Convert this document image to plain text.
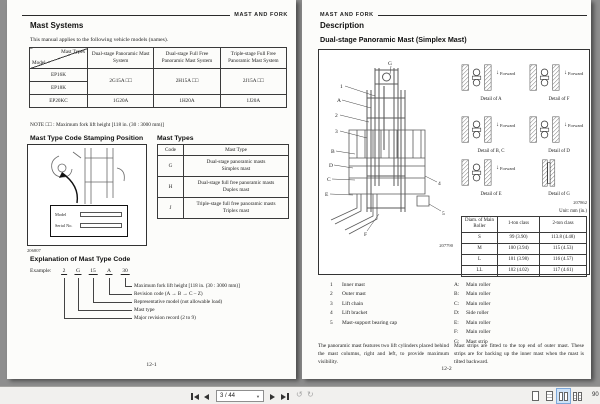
MAST AND FORK
Mast Systems
This manual applies to the following vehicle models (names).
Mast Types
Model	Dual-stage Panoramic Mast System	Dual-stage Full Free Panoramic Mast System	Triple-stage Full Free Panoramic Mast System
EP16K	2G15A □□	2H15A □□	2J15A □□
EP18K			
EP20KC	1G20A	1H20A	1J20A
NOTE □□ : Maximum fork lift height [118 in. (30 : 3000 mm)]
Mast Type Code Stamping Position Mast Types
Model
Serial No.
206807
Code	Mast Type
G	Dual-stage panoramic masts
Simplex mast

H	Dual-stage full free panoramic masts
Duplex mast

J	Triple-stage full free panoramic masts
Triplex mast
Explanation of Mast Type Code
Example: 2 G 15 A 30
Maximum fork lift height [118 in. (30 : 3000 mm)]
Revision code (A → B → C – Z)
Representative model (not allowable load)
Mast type
Major revision record (2 to 9)
12-1
MAST AND FORK
Description
Dual-stage Panoramic Mast (Simplex Mast)
G
1
A
2
3
B
D
C
E
F
4
5
207790
↓ Forward
Detail of A
↓ Forward
Detail of F
↓ Forward
Detail of B, C
↓ Forward
Detail of D
↓ Forward
Detail of E	Detail of G
207862
Unit: mm (in.)
Diam. of Main Roller	1-ton class	2-ton class
S	99 (3.90)	113.8 (4.48)
M	100 (3.94)	115 (4.53)
L	101 (3.98)	116 (4.57)
LL	102 (4.02)	117 (4.61)
1	Inner mast
2	Outer mast
3	Lift chain
4	Lift bracket
5	Mast-support bearing cap
A:	Main roller
B:	Main roller
C:	Main roller
D:	Side roller
E:	Main roller
F:	Main roller
G:	Mast strip
The panoramic mast features two lift cylinders placed behind the mast columns, right and left, to provide maximum visibility.
Mast strips are fitted to the top end of outer mast. These strips are for backing up the inner mast when the mast is tilted backward.
12-2
3 / 44	▼	↺ ↻	90
